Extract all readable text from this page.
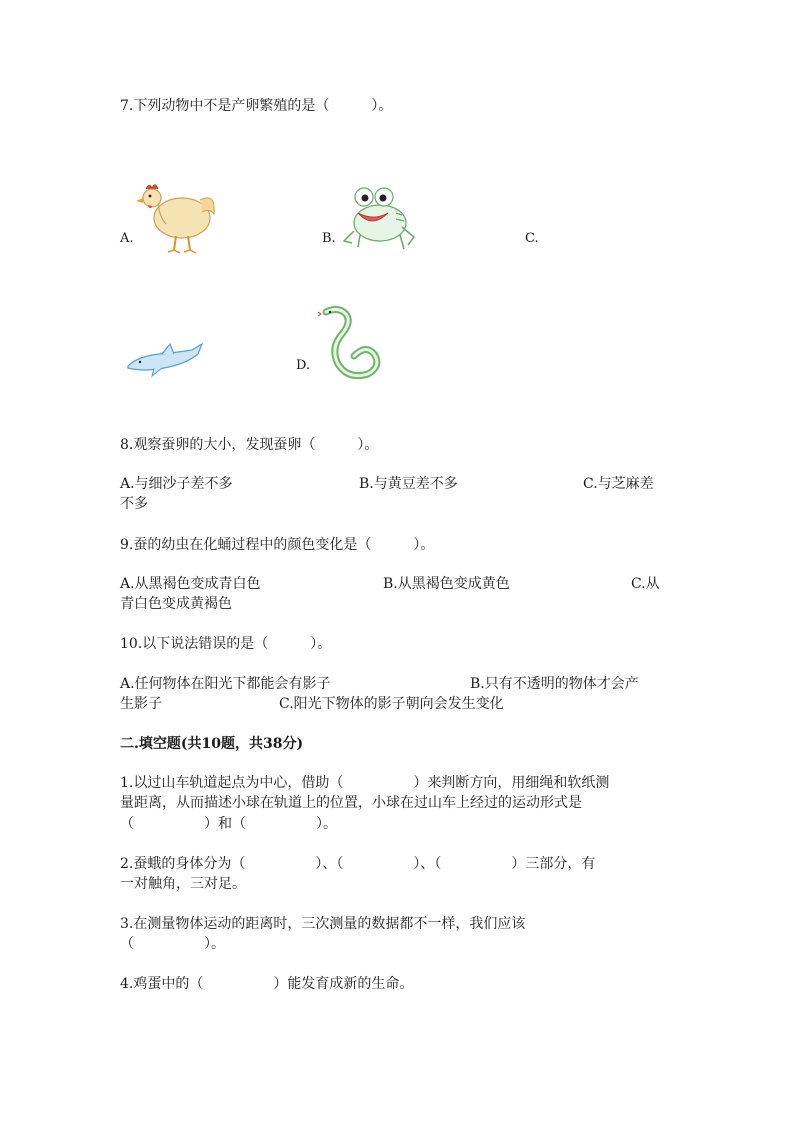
7.下列动物中不是产卵繁殖的是（　　　）。
A.	B.	C.
D.
8.观察蚕卵的大小，发现蚕卵（　　　）。
A.与细沙子差不多	B.与黄豆差不多	C.与芝麻差
不多
9.蚕的幼虫在化蛹过程中的颜色变化是（　　　）。
A.从黑褐色变成青白色	B.从黑褐色变成黄色	C.从
青白色变成黄褐色
10.以下说法错误的是（　　　）。
A.任何物体在阳光下都能会有影子	B.只有不透明的物体才会产
生影子	C.阳光下物体的影子朝向会发生变化
二.填空题(共10题，共38分)
1.以过山车轨道起点为中心，借助（　　　　　）来判断方向，用细绳和软纸测
量距离，从而描述小球在轨道上的位置，小球在过山车上经过的运动形式是
（　　　　　）和（　　　　　）。
2.蚕蛾的身体分为（　　　　　）、（　　　　　）、（　　　　　）三部分，有
一对触角，三对足。
3.在测量物体运动的距离时，三次测量的数据都不一样，我们应该
（　　　　　）。
4.鸡蛋中的（　　　　　）能发育成新的生命。
